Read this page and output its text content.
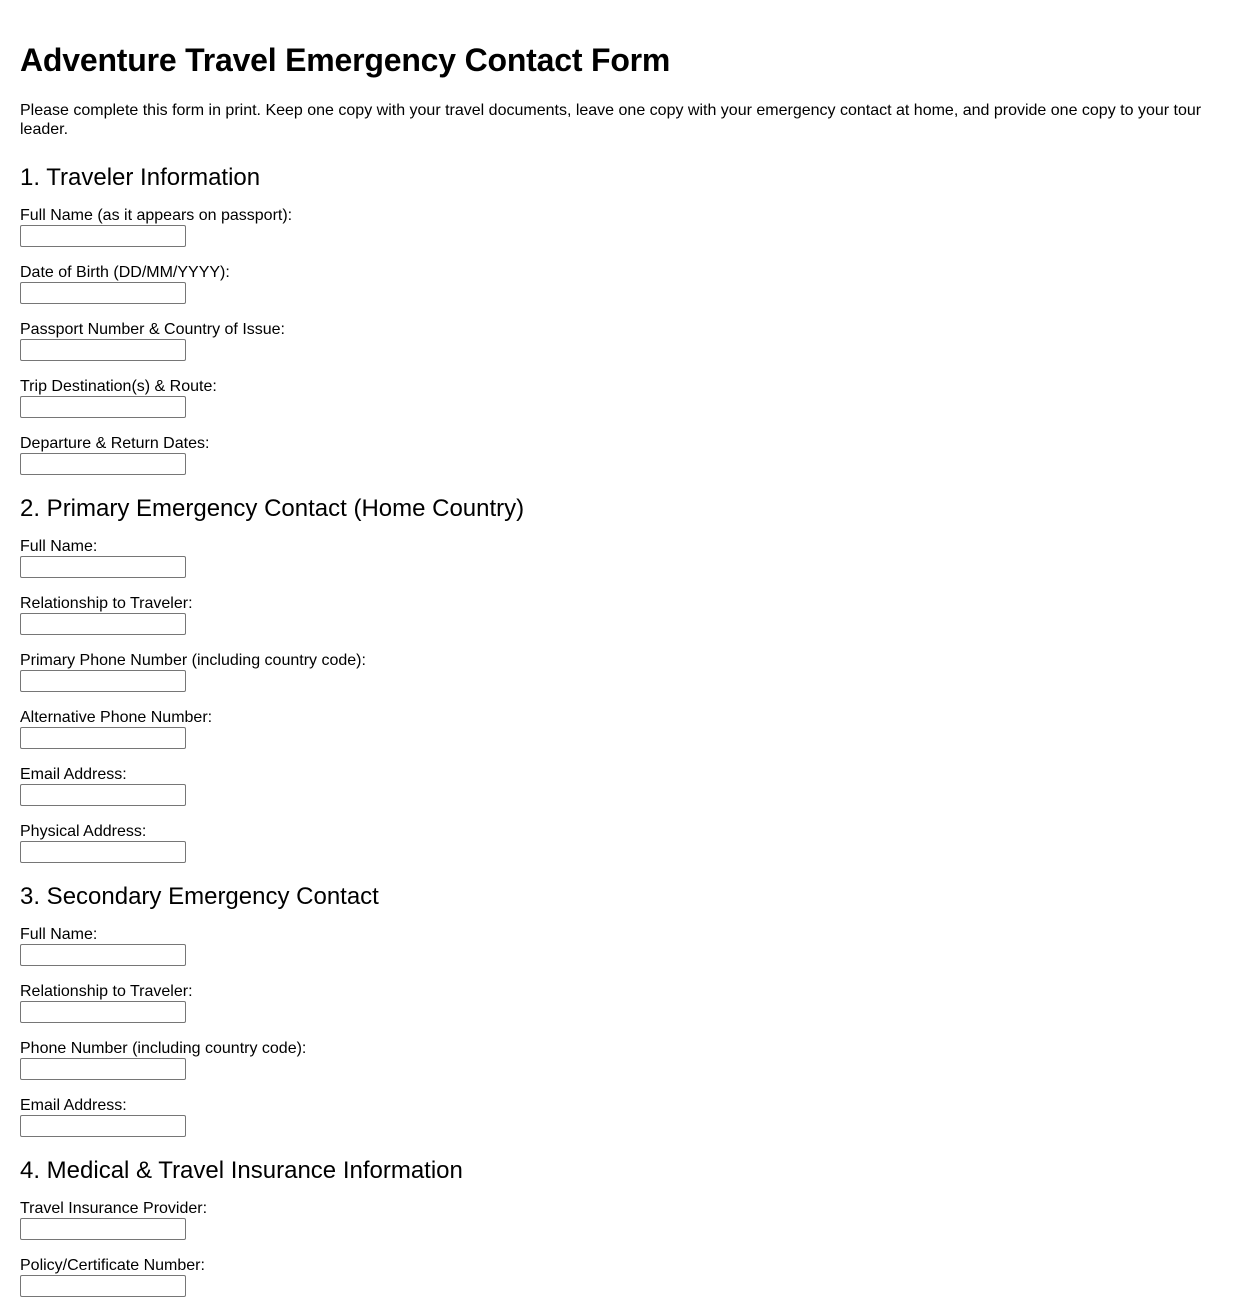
Adventure Travel Emergency Contact Form

Please complete this form in print. Keep one copy with your travel documents, leave one copy with your emergency contact at home, and provide one copy to your tour leader.

1. Traveler Information
Full Name (as it appears on passport):
Date of Birth (DD/MM/YYYY):
Passport Number & Country of Issue:
Trip Destination(s) & Route:
Departure & Return Dates:
2. Primary Emergency Contact (Home Country)
Full Name:
Relationship to Traveler:
Primary Phone Number (including country code):
Alternative Phone Number:
Email Address:
Physical Address:
3. Secondary Emergency Contact
Full Name:
Relationship to Traveler:
Phone Number (including country code):
Email Address:
4. Medical & Travel Insurance Information
Travel Insurance Provider:
Policy/Certificate Number:
